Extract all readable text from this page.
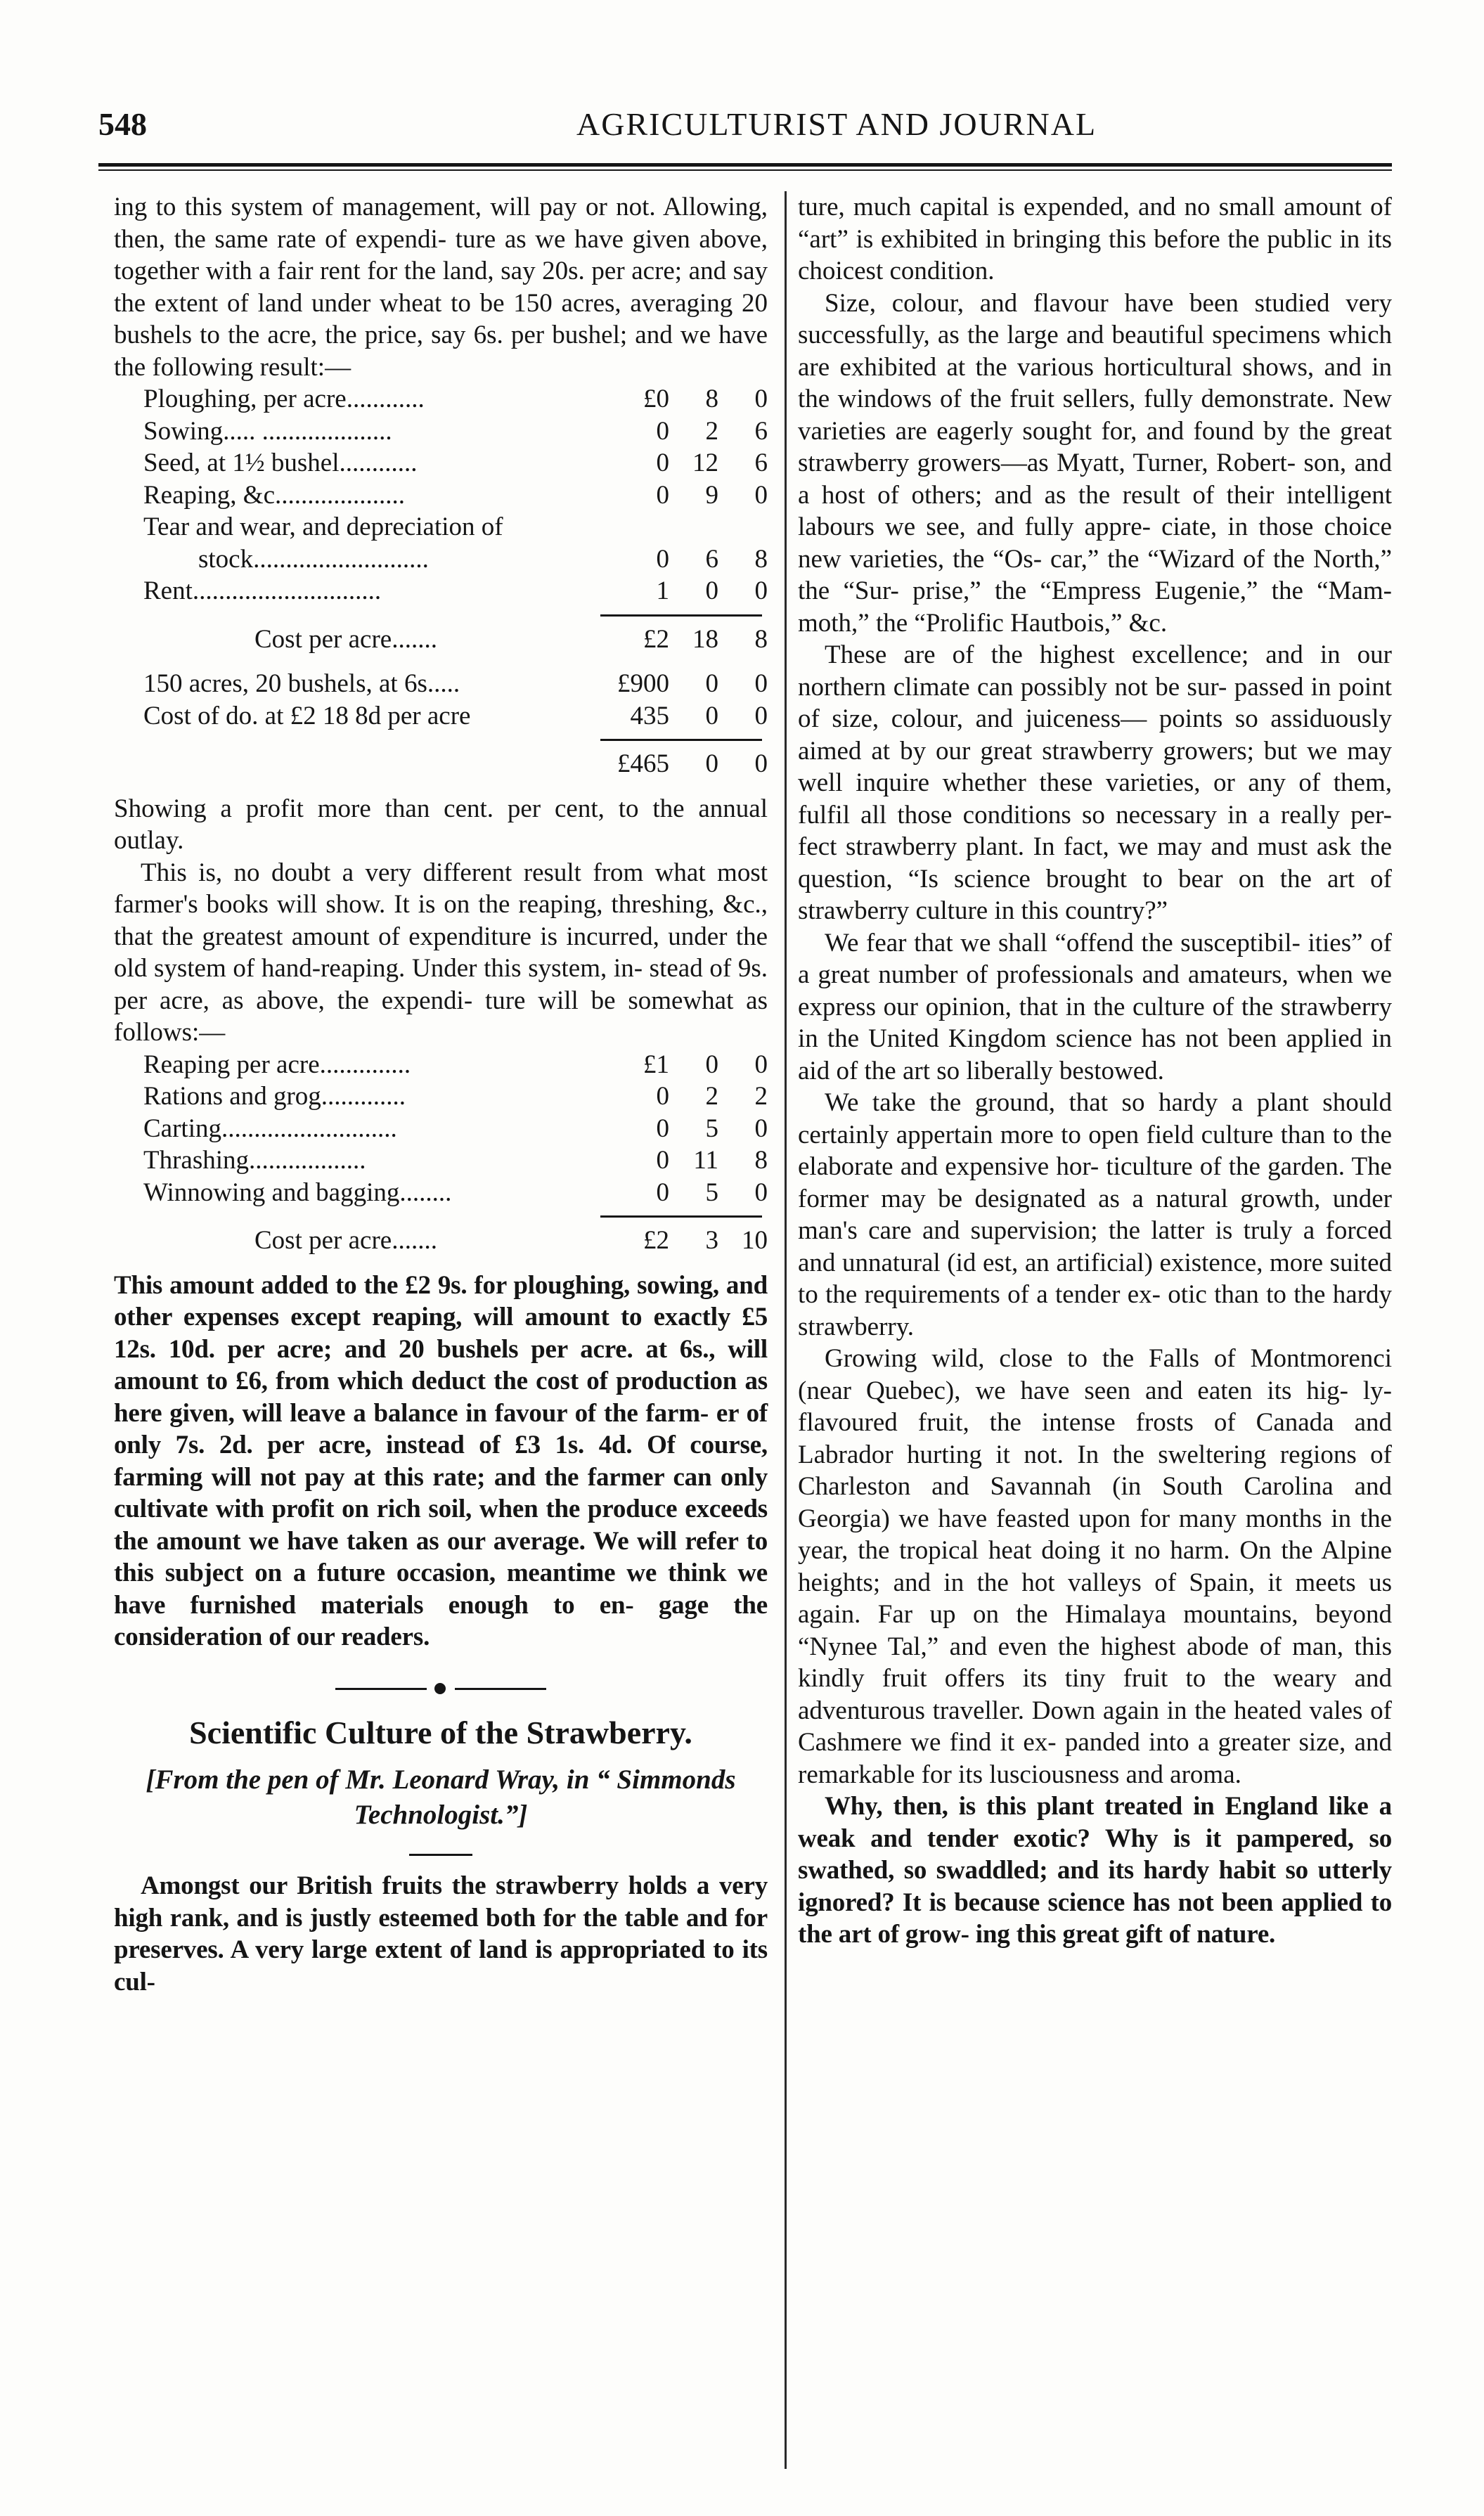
548	AGRICULTURIST AND JOURNAL

ing to this system of management, will pay or not. Allowing, then, the same rate of expendi- ture as we have given above, together with a fair rent for the land, say 20s. per acre; and say the extent of land under wheat to be 150 acres, averaging 20 bushels to the acre, the price, say 6s. per bushel; and we have the following result:—

Ploughing, per acre............	£0	8	0
Sowing..... ....................	0	2	6
Seed, at 1½ bushel............	0	12	6
Reaping, &c....................	0	9	0
Tear and wear, and depreciation of			
stock...........................	0	6	8
Rent.............................	1	0	0
Cost per acre.......	£2	18	8
150 acres, 20 bushels, at 6s.....	£900	0	0
Cost of do. at £2 18 8d per acre	435	0	0
	£465	0	0

Showing a profit more than cent. per cent, to the annual outlay.

This is, no doubt a very different result from what most farmer's books will show. It is on the reaping, threshing, &c., that the greatest amount of expenditure is incurred, under the old system of hand-reaping. Under this system, in- stead of 9s. per acre, as above, the expendi- ture will be somewhat as follows:—

Reaping per acre..............	£1	0	0
Rations and grog.............	0	2	2
Carting...........................	0	5	0
Thrashing..................	0	11	8
Winnowing and bagging........	0	5	0
Cost per acre.......	£2	3	10

This amount added to the £2 9s. for ploughing, sowing, and other expenses except reaping, will amount to exactly £5 12s. 10d. per acre; and 20 bushels per acre. at 6s., will amount to £6, from which deduct the cost of production as here given, will leave a balance in favour of the farm- er of only 7s. 2d. per acre, instead of £3 1s. 4d. Of course, farming will not pay at this rate; and the farmer can only cultivate with profit on rich soil, when the produce exceeds the amount we have taken as our average. We will refer to this subject on a future occasion, meantime we think we have furnished materials enough to en- gage the consideration of our readers.

Scientific Culture of the Strawberry.
[From the pen of Mr. Leonard Wray, in “ Simmonds Technologist.”]

Amongst our British fruits the strawberry holds a very high rank, and is justly esteemed both for the table and for preserves. A very large extent of land is appropriated to its cul-

ture, much capital is expended, and no small amount of “art” is exhibited in bringing this before the public in its choicest condition.

Size, colour, and flavour have been studied very successfully, as the large and beautiful specimens which are exhibited at the various horticultural shows, and in the windows of the fruit sellers, fully demonstrate. New varieties are eagerly sought for, and found by the great strawberry growers—as Myatt, Turner, Robert- son, and a host of others; and as the result of their intelligent labours we see, and fully appre- ciate, in those choice new varieties, the “Os- car,” the “Wizard of the North,” the “Sur- prise,” the “Empress Eugenie,” the “Mam- moth,” the “Prolific Hautbois,” &c.

These are of the highest excellence; and in our northern climate can possibly not be sur- passed in point of size, colour, and juiceness— points so assiduously aimed at by our great strawberry growers; but we may well inquire whether these varieties, or any of them, fulfil all those conditions so necessary in a really per- fect strawberry plant. In fact, we may and must ask the question, “Is science brought to bear on the art of strawberry culture in this country?”

We fear that we shall “offend the susceptibil- ities” of a great number of professionals and amateurs, when we express our opinion, that in the culture of the strawberry in the United Kingdom science has not been applied in aid of the art so liberally bestowed.

We take the ground, that so hardy a plant should certainly appertain more to open field culture than to the elaborate and expensive hor- ticulture of the garden. The former may be designated as a natural growth, under man's care and supervision; the latter is truly a forced and unnatural (id est, an artificial) existence, more suited to the requirements of a tender ex- otic than to the hardy strawberry.

Growing wild, close to the Falls of Montmorenci (near Quebec), we have seen and eaten its hig- ly-flavoured fruit, the intense frosts of Canada and Labrador hurting it not. In the sweltering regions of Charleston and Savannah (in South Carolina and Georgia) we have feasted upon for many months in the year, the tropical heat doing it no harm. On the Alpine heights; and in the hot valleys of Spain, it meets us again. Far up on the Himalaya mountains, beyond “Nynee Tal,” and even the highest abode of man, this kindly fruit offers its tiny fruit to the weary and adventurous traveller. Down again in the heated vales of Cashmere we find it ex- panded into a greater size, and remarkable for its lusciousness and aroma.

Why, then, is this plant treated in England like a weak and tender exotic? Why is it pampered, so swathed, so swaddled; and its hardy habit so utterly ignored? It is because science has not been applied to the art of grow- ing this great gift of nature.
